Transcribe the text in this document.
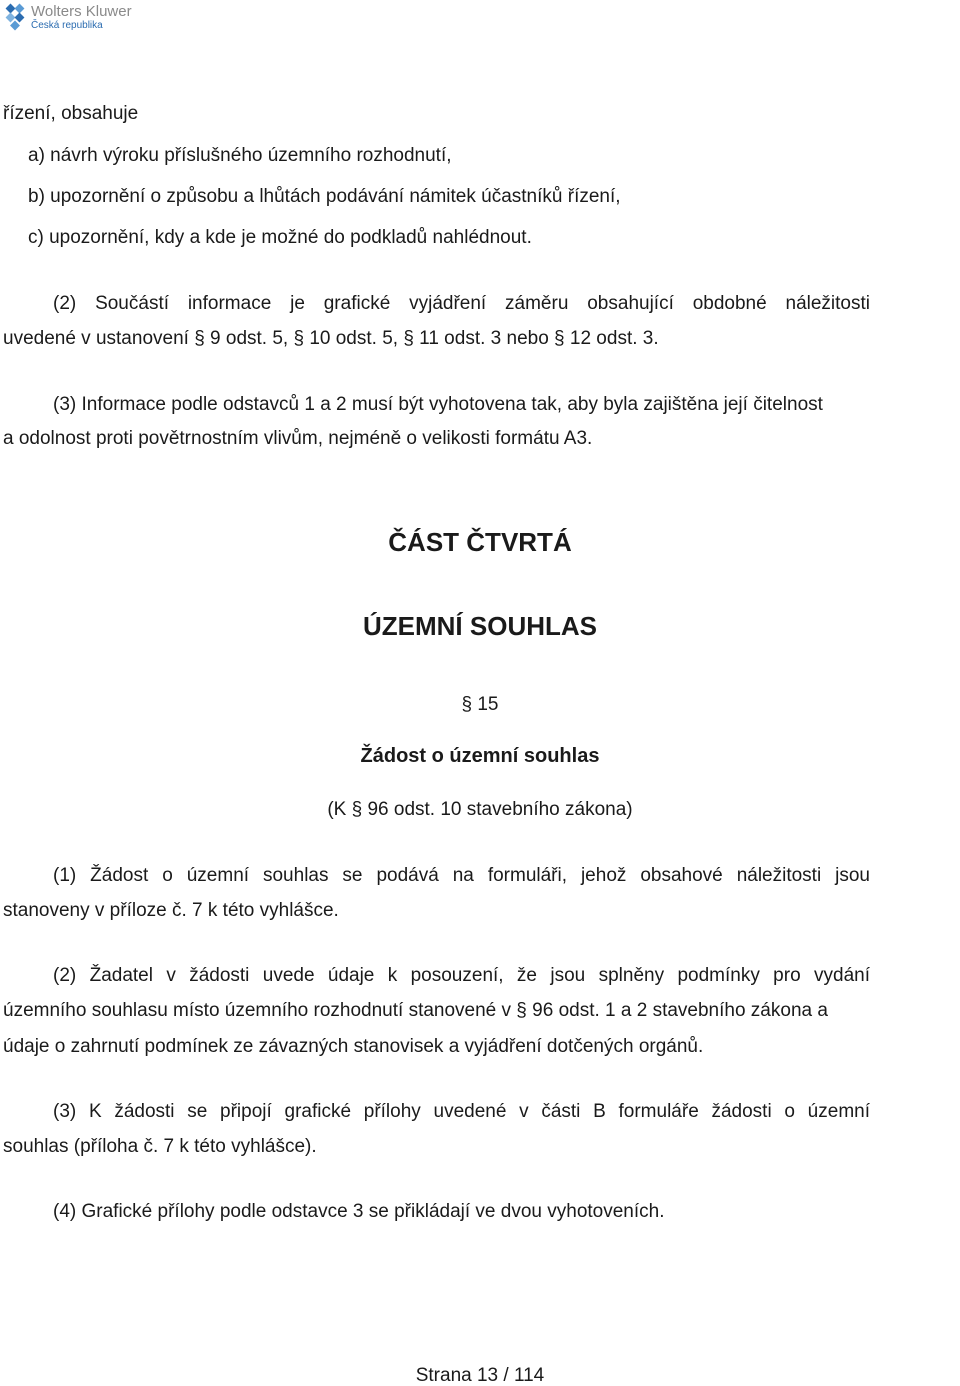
Wolters Kluwer
Česká republika
řízení, obsahuje
a) návrh výroku příslušného územního rozhodnutí,
b) upozornění o způsobu a lhůtách podávání námitek účastníků řízení,
c) upozornění, kdy a kde je možné do podkladů nahlédnout.
(2) Součástí informace je grafické vyjádření záměru obsahující obdobné náležitosti
uvedené v ustanovení § 9 odst. 5, § 10 odst. 5, § 11 odst. 3 nebo § 12 odst. 3.
(3) Informace podle odstavců 1 a 2 musí být vyhotovena tak, aby byla zajištěna její čitelnost
a odolnost proti povětrnostním vlivům, nejméně o velikosti formátu A3.
ČÁST ČTVRTÁ
ÚZEMNÍ SOUHLAS
§ 15
Žádost o územní souhlas
(K § 96 odst. 10 stavebního zákona)
(1) Žádost o územní souhlas se podává na formuláři, jehož obsahové náležitosti jsou
stanoveny v příloze č. 7 k této vyhlášce.
(2) Žadatel v žádosti uvede údaje k posouzení, že jsou splněny podmínky pro vydání
územního souhlasu místo územního rozhodnutí stanovené v § 96 odst. 1 a 2 stavebního zákona a
údaje o zahrnutí podmínek ze závazných stanovisek a vyjádření dotčených orgánů.
(3) K žádosti se připojí grafické přílohy uvedené v části B formuláře žádosti o územní
souhlas (příloha č. 7 k této vyhlášce).
(4) Grafické přílohy podle odstavce 3 se přikládají ve dvou vyhotoveních.
Strana 13 / 114
